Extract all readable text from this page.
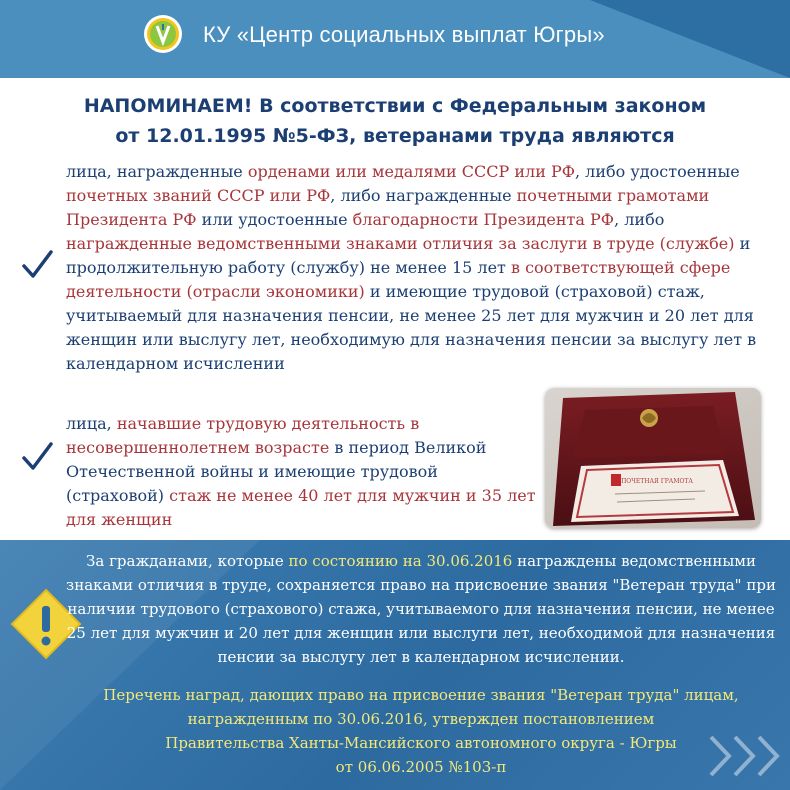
КУ «Центр социальных выплат Югры»
НАПОМИНАЕМ! В соответствии с Федеральным законом
от 12.01.1995 №5-ФЗ, ветеранами труда являются
лица, награжденные орденами или медалями СССР или РФ, либо удостоенные почетных званий СССР или РФ, либо награжденные почетными грамотами Президента РФ или удостоенные благодарности Президента РФ, либо награжденные ведомственными знаками отличия за заслуги в труде (службе) и продолжительную работу (службу) не менее 15 лет в соответствующей сфере деятельности (отрасли экономики) и имеющие трудовой (страховой) стаж, учитываемый для назначения пенсии, не менее 25 лет для мужчин и 20 лет для женщин или выслугу лет, необходимую для назначения пенсии за выслугу лет в календарном исчислении
лица, начавшие трудовую деятельность в несовершеннолетнем возрасте в период Великой Отечественной войны и имеющие трудовой (страховой) стаж не менее 40 лет для мужчин и 35 лет для женщин
ПОЧЕТНАЯ ГРАМОТА
За гражданами, которые по состоянию на 30.06.2016 награждены ведомственными знаками отличия в труде, сохраняется право на присвоение звания "Ветеран труда" при наличии трудового (страхового) стажа, учитываемого для назначения пенсии, не менее 25 лет для мужчин и 20 лет для женщин или выслуги лет, необходимой для назначения пенсии за выслугу лет в календарном исчислении.
Перечень наград, дающих право на присвоение звания "Ветеран труда" лицам,
награжденным по 30.06.2016, утвержден постановлением
Правительства Ханты-Мансийского автономного округа - Югры
от 06.06.2005 №103-п
